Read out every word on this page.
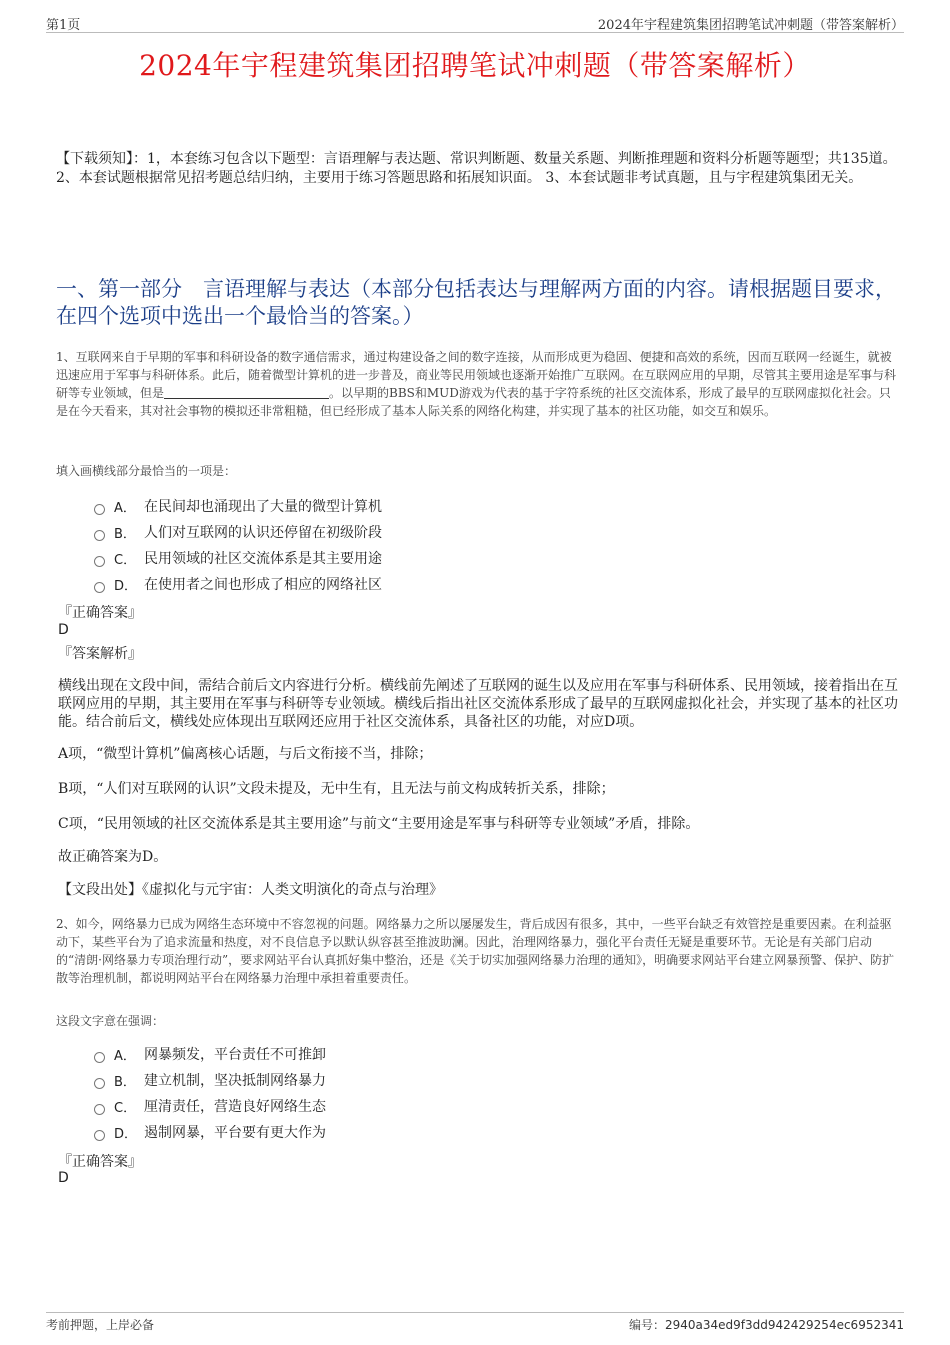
第1页	2024年宇程建筑集团招聘笔试冲刺题（带答案解析）
2024年宇程建筑集团招聘笔试冲刺题（带答案解析）
【下载须知】：1，本套练习包含以下题型：言语理解与表达题、常识判断题、数量关系题、判断推理题和资料分析题等题型；共135道。 2、本套试题根据常见招考题总结归纳，主要用于练习答题思路和拓展知识面。 3、本套试题非考试真题，且与宇程建筑集团无关。
一、第一部分　言语理解与表达（本部分包括表达与理解两方面的内容。请根据题目要求，在四个选项中选出一个最恰当的答案。）
1、互联网来自于早期的军事和科研设备的数字通信需求，通过构建设备之间的数字连接，从而形成更为稳固、便捷和高效的系统，因而互联网一经诞生，就被迅速应用于军事与科研体系。此后，随着微型计算机的进一步普及，商业等民用领域也逐渐开始推广互联网。在互联网应用的早期，尽管其主要用途是军事与科研等专业领域，但是	。以早期的BBS和MUD游戏为代表的基于字符系统的社区交流体系，形成了最早的互联网虚拟化社会。只是在今天看来，其对社会事物的模拟还非常粗糙，但已经形成了基本人际关系的网络化构建，并实现了基本的社区功能，如交互和娱乐。
填入画横线部分最恰当的一项是：
A． 在民间却也涌现出了大量的微型计算机
B． 人们对互联网的认识还停留在初级阶段
C． 民用领域的社区交流体系是其主要用途
D． 在使用者之间也形成了相应的网络社区
『正确答案』
D
『答案解析』
横线出现在文段中间，需结合前后文内容进行分析。横线前先阐述了互联网的诞生以及应用在军事与科研体系、民用领域，接着指出在互联网应用的早期，其主要用在军事与科研等专业领域。横线后指出社区交流体系形成了最早的互联网虚拟化社会，并实现了基本的社区功能。结合前后文，横线处应体现出互联网还应用于社区交流体系，具备社区的功能，对应D项。
A项，“微型计算机”偏离核心话题，与后文衔接不当，排除；
B项，“人们对互联网的认识”文段未提及，无中生有，且无法与前文构成转折关系，排除；
C项，“民用领域的社区交流体系是其主要用途”与前文“主要用途是军事与科研等专业领域”矛盾，排除。
故正确答案为D。
【文段出处】《虚拟化与元宇宙：人类文明演化的奇点与治理》
2、如今，网络暴力已成为网络生态环境中不容忽视的问题。网络暴力之所以屡屡发生，背后成因有很多，其中，一些平台缺乏有效管控是重要因素。在利益驱动下，某些平台为了追求流量和热度，对不良信息予以默认纵容甚至推波助澜。因此，治理网络暴力，强化平台责任无疑是重要环节。无论是有关部门启动的“清朗·网络暴力专项治理行动”，要求网站平台认真抓好集中整治，还是《关于切实加强网络暴力治理的通知》，明确要求网站平台建立网暴预警、保护、防扩散等治理机制，都说明网站平台在网络暴力治理中承担着重要责任。
这段文字意在强调：
A． 网暴频发，平台责任不可推卸
B． 建立机制，坚决抵制网络暴力
C． 厘清责任，营造良好网络生态
D． 遏制网暴，平台要有更大作为
『正确答案』
D
考前押题，上岸必备	编号：2940a34ed9f3dd942429254ec6952341
